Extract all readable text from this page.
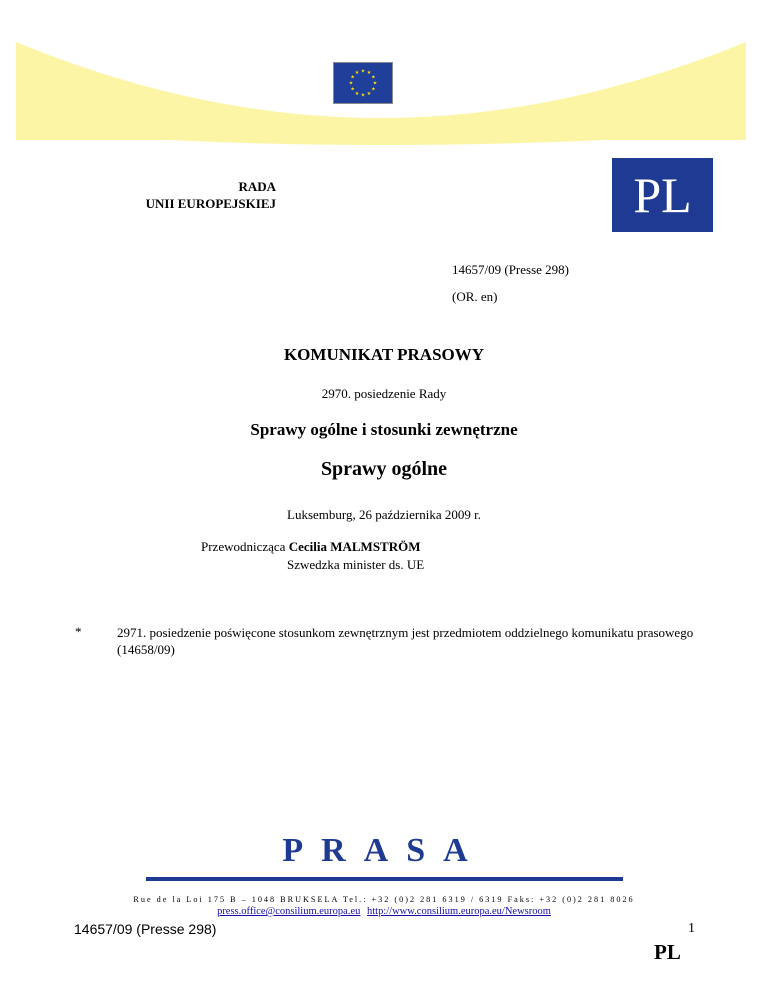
★ ★
★
★
★
★
★
★
★
★
★
★
RADA
UNII EUROPEJSKIEJ	PL
14657/09 (Presse 298)
(OR. en)
KOMUNIKAT PRASOWY
2970. posiedzenie Rady
Sprawy ogólne i stosunki zewnętrzne
Sprawy ogólne
Luksemburg, 26 października 2009 r.
Przewodnicząca Cecilia MALMSTRÖM
Szwedzka minister ds. UE
*	2971. posiedzenie poświęcone stosunkom zewnętrznym jest przedmiotem oddzielnego komunikatu prasowego (14658/09)
PRASA
Rue de la Loi 175 B – 1048 BRUKSELA Tel.: +32 (0)2 281 6319 / 6319 Faks: +32 (0)2 281 8026
press.office@consilium.europa.eu http://www.consilium.europa.eu/Newsroom
14657/09 (Presse 298)	1
PL
